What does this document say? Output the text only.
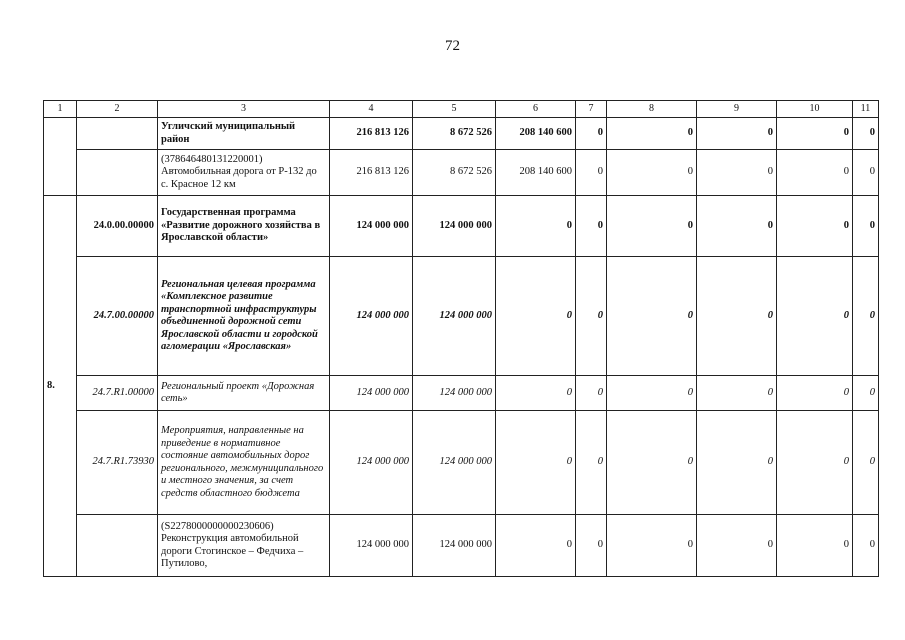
72
1	2	3	4	5	6	7	8	9	10	11
		Угличский муниципальный район	216 813 126	8 672 526	208 140 600	0	0	0	0	0
		(378646480131220001) Автомобильная дорога от Р-132 до с. Красное 12 км	216 813 126	8 672 526	208 140 600	0	0	0	0	0
8.	24.0.00.00000	Государственная программа «Развитие дорожного хозяйства в Ярославской области»	124 000 000	124 000 000	0	0	0	0	0	0
	24.7.00.00000	Региональная целевая программа «Комплексное развитие транспортной инфраструктуры объединенной дорожной сети Ярославской области и городской агломерации «Ярославская»	124 000 000	124 000 000	0	0	0	0	0	0
	24.7.R1.00000	Региональный проект «Дорожная сеть»	124 000 000	124 000 000	0	0	0	0	0	0
	24.7.R1.73930	Мероприятия, направленные на приведение в нормативное состояние автомобильных дорог регионального, межмуниципального и местного значения, за счет средств областного бюджета	124 000 000	124 000 000	0	0	0	0	0	0
		(S2278000000000230606) Реконструкция автомобильной дороги Стогинское – Федчиха – Путилово,	124 000 000	124 000 000	0	0	0	0	0	0
